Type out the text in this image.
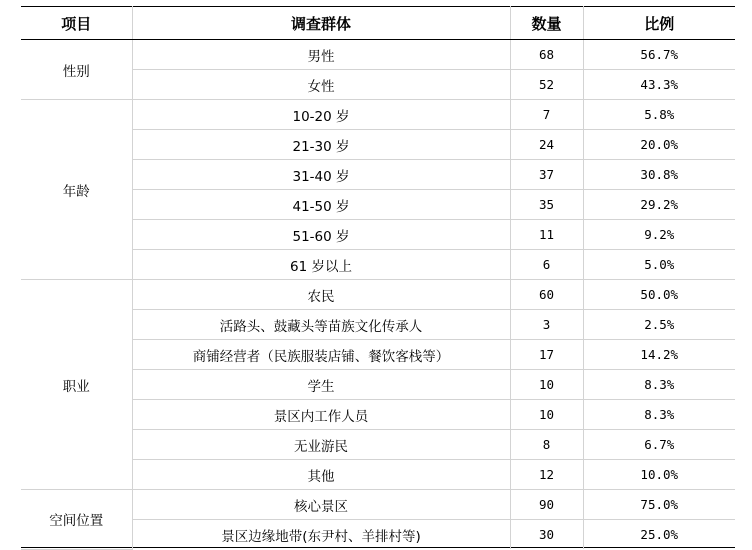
项目	调查群体	数量	比例
性别	男性	68	56.7%
	女性	52	43.3%
年龄	10-20 岁	7	5.8%
	21-30 岁	24	20.0%
	31-40 岁	37	30.8%
	41-50 岁	35	29.2%
	51-60 岁	11	9.2%
	61 岁以上	6	5.0%
职业	农民	60	50.0%
	活路头、鼓藏头等苗族文化传承人	3	2.5%
	商铺经营者（民族服装店铺、餐饮客栈等）	17	14.2%
	学生	10	8.3%
	景区内工作人员	10	8.3%
	无业游民	8	6.7%
	其他	12	10.0%
空间位置	核心景区	90	75.0%
	景区边缘地带(东尹村、羊排村等)	30	25.0%
